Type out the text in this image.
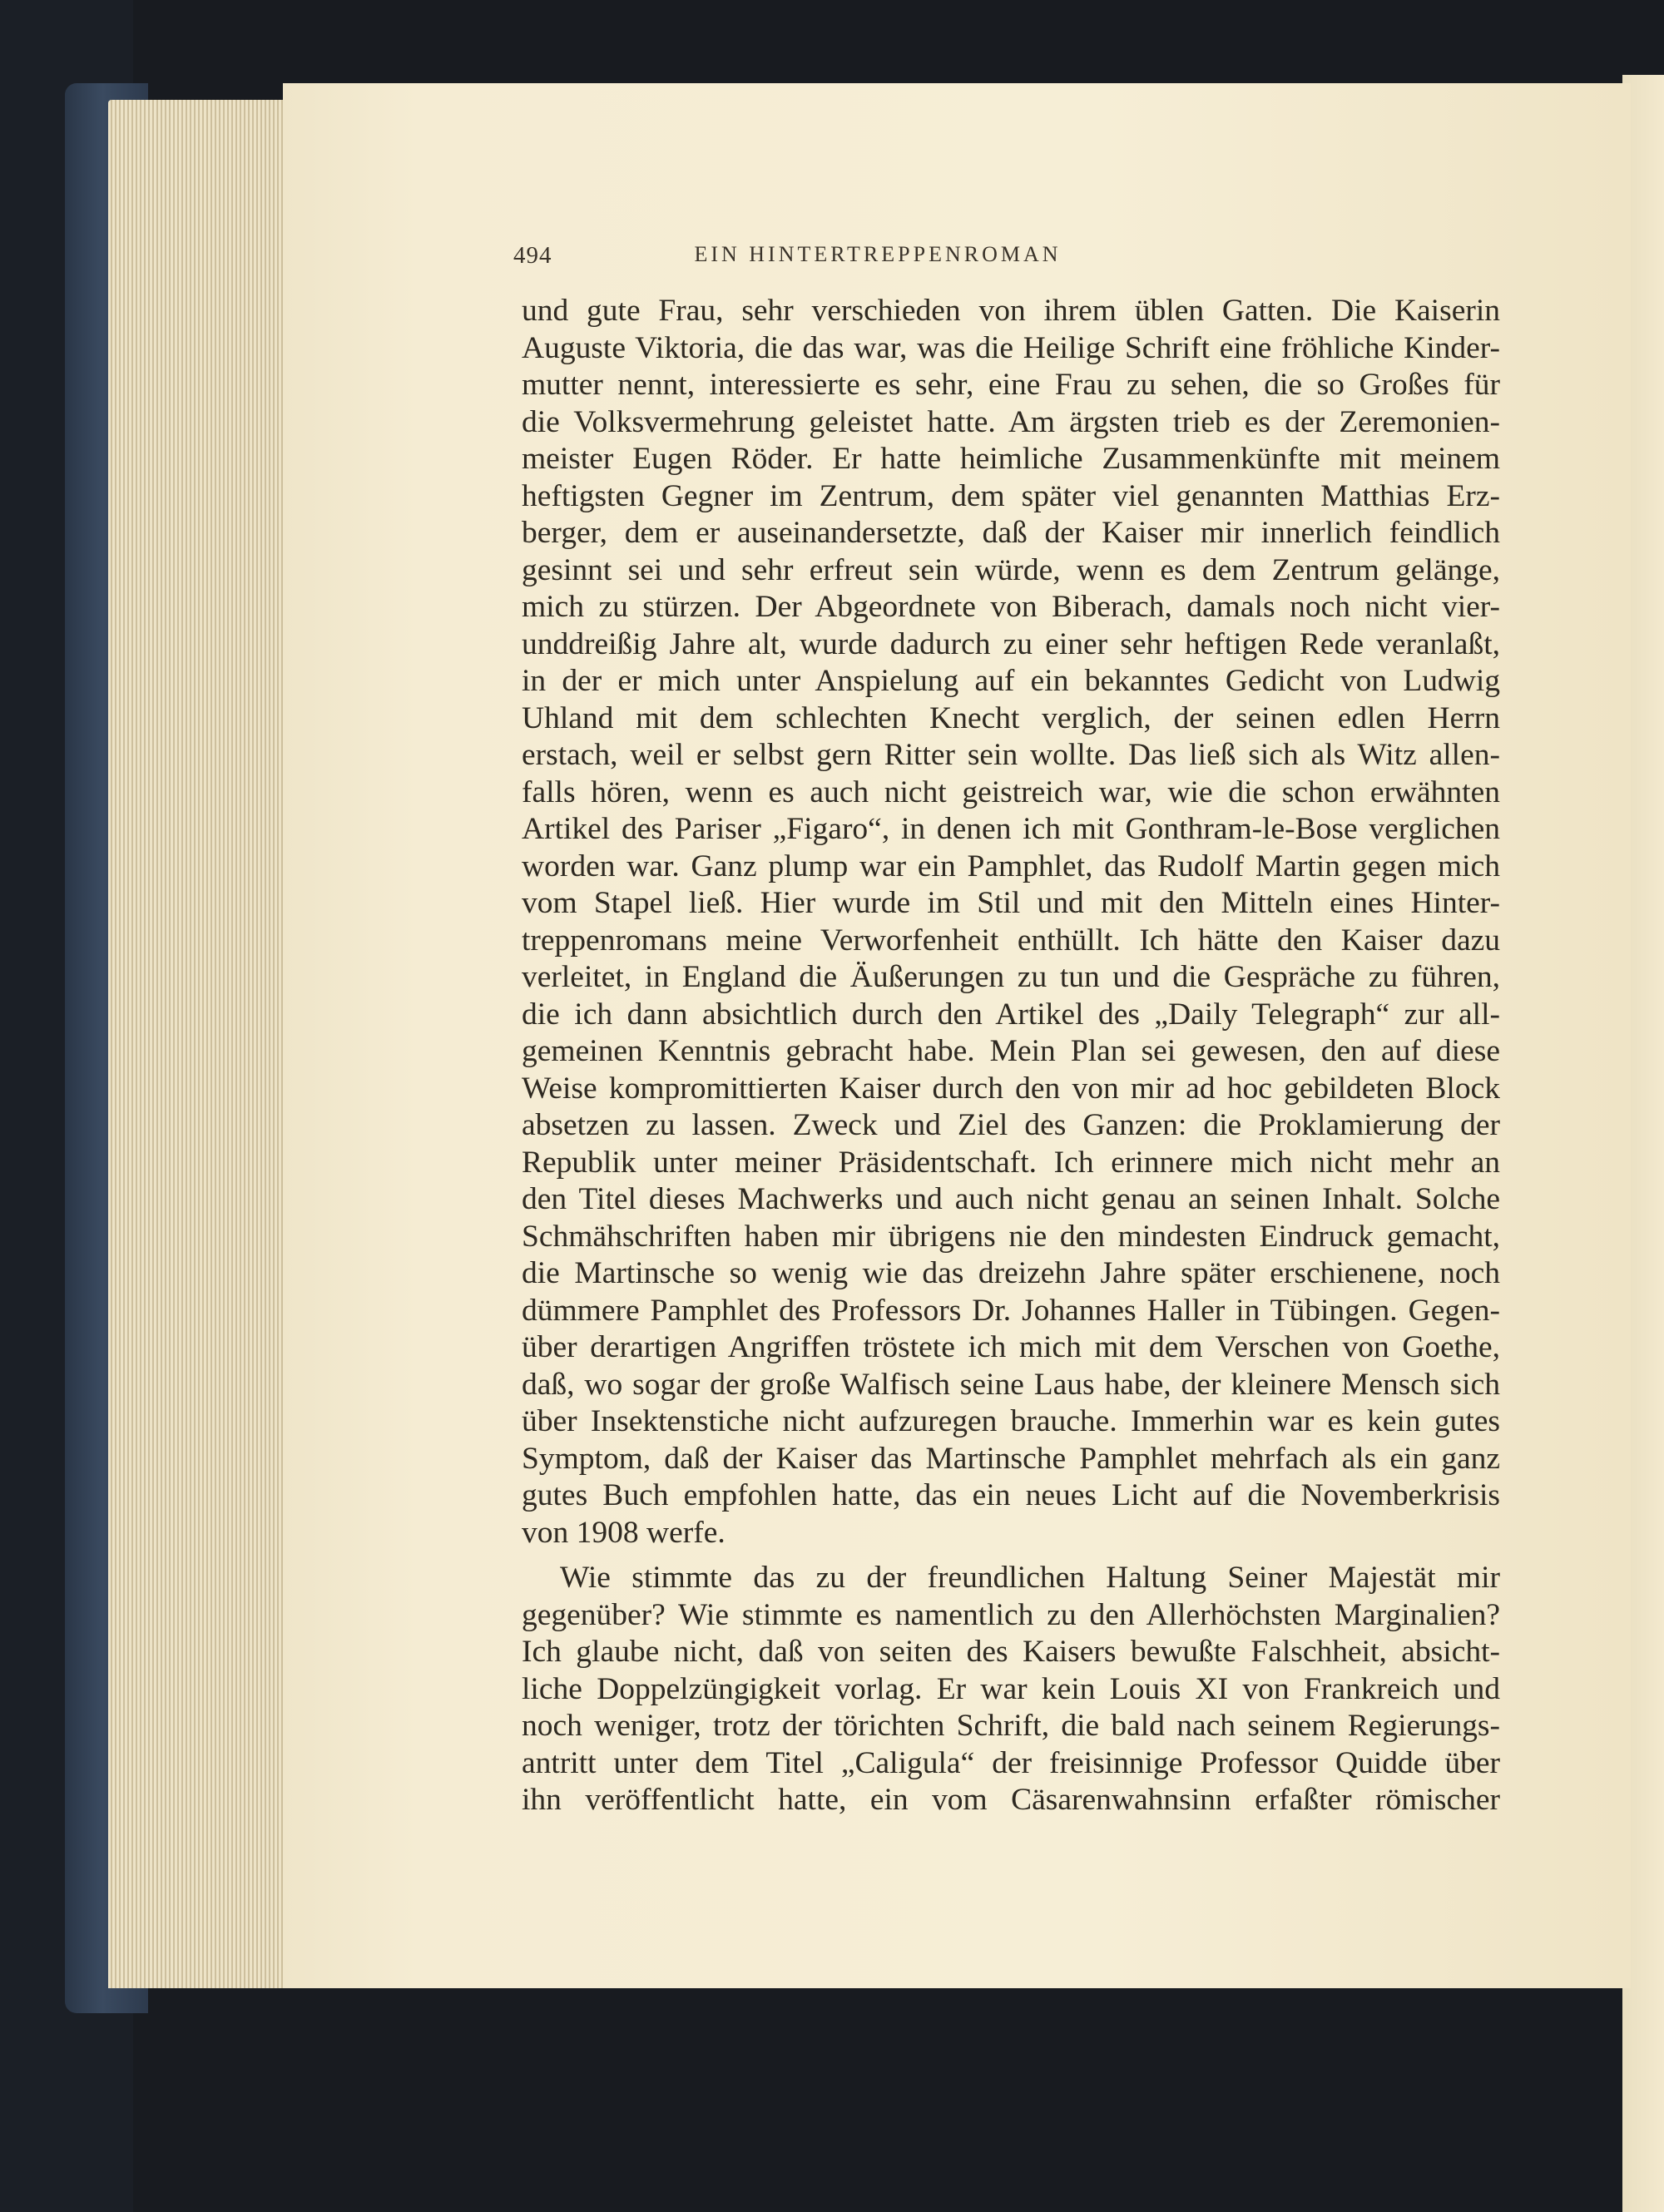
494	EIN HINTERTREPPENROMAN
und gute Frau, sehr verschieden von ihrem üblen Gatten. Die Kaiserin
Auguste Viktoria, die das war, was die Heilige Schrift eine fröhliche Kinder-
mutter nennt, interessierte es sehr, eine Frau zu sehen, die so Großes für
die Volksvermehrung geleistet hatte. Am ärgsten trieb es der Zeremonien-
meister Eugen Röder. Er hatte heimliche Zusammenkünfte mit meinem
heftigsten Gegner im Zentrum, dem später viel genannten Matthias Erz-
berger, dem er auseinandersetzte, daß der Kaiser mir innerlich feindlich
gesinnt sei und sehr erfreut sein würde, wenn es dem Zentrum gelänge,
mich zu stürzen. Der Abgeordnete von Biberach, damals noch nicht vier-
unddreißig Jahre alt, wurde dadurch zu einer sehr heftigen Rede veranlaßt,
in der er mich unter Anspielung auf ein bekanntes Gedicht von Ludwig
Uhland mit dem schlechten Knecht verglich, der seinen edlen Herrn
erstach, weil er selbst gern Ritter sein wollte. Das ließ sich als Witz allen-
falls hören, wenn es auch nicht geistreich war, wie die schon erwähnten
Artikel des Pariser „Figaro“, in denen ich mit Gonthram-le-Bose verglichen
worden war. Ganz plump war ein Pamphlet, das Rudolf Martin gegen mich
vom Stapel ließ. Hier wurde im Stil und mit den Mitteln eines Hinter-
treppenromans meine Verworfenheit enthüllt. Ich hätte den Kaiser dazu
verleitet, in England die Äußerungen zu tun und die Gespräche zu führen,
die ich dann absichtlich durch den Artikel des „Daily Telegraph“ zur all-
gemeinen Kenntnis gebracht habe. Mein Plan sei gewesen, den auf diese
Weise kompromittierten Kaiser durch den von mir ad hoc gebildeten Block
absetzen zu lassen. Zweck und Ziel des Ganzen: die Proklamierung der
Republik unter meiner Präsidentschaft. Ich erinnere mich nicht mehr an
den Titel dieses Machwerks und auch nicht genau an seinen Inhalt. Solche
Schmähschriften haben mir übrigens nie den mindesten Eindruck gemacht,
die Martinsche so wenig wie das dreizehn Jahre später erschienene, noch
dümmere Pamphlet des Professors Dr. Johannes Haller in Tübingen. Gegen-
über derartigen Angriffen tröstete ich mich mit dem Verschen von Goethe,
daß, wo sogar der große Walfisch seine Laus habe, der kleinere Mensch sich
über Insektenstiche nicht aufzuregen brauche. Immerhin war es kein gutes
Symptom, daß der Kaiser das Martinsche Pamphlet mehrfach als ein ganz
gutes Buch empfohlen hatte, das ein neues Licht auf die Novemberkrisis
von 1908 werfe.
Wie stimmte das zu der freundlichen Haltung Seiner Majestät mir
gegenüber? Wie stimmte es namentlich zu den Allerhöchsten Marginalien?
Ich glaube nicht, daß von seiten des Kaisers bewußte Falschheit, absicht-
liche Doppelzüngigkeit vorlag. Er war kein Louis XI von Frankreich und
noch weniger, trotz der törichten Schrift, die bald nach seinem Regierungs-
antritt unter dem Titel „Caligula“ der freisinnige Professor Quidde über
ihn veröffentlicht hatte, ein vom Cäsarenwahnsinn erfaßter römischer
